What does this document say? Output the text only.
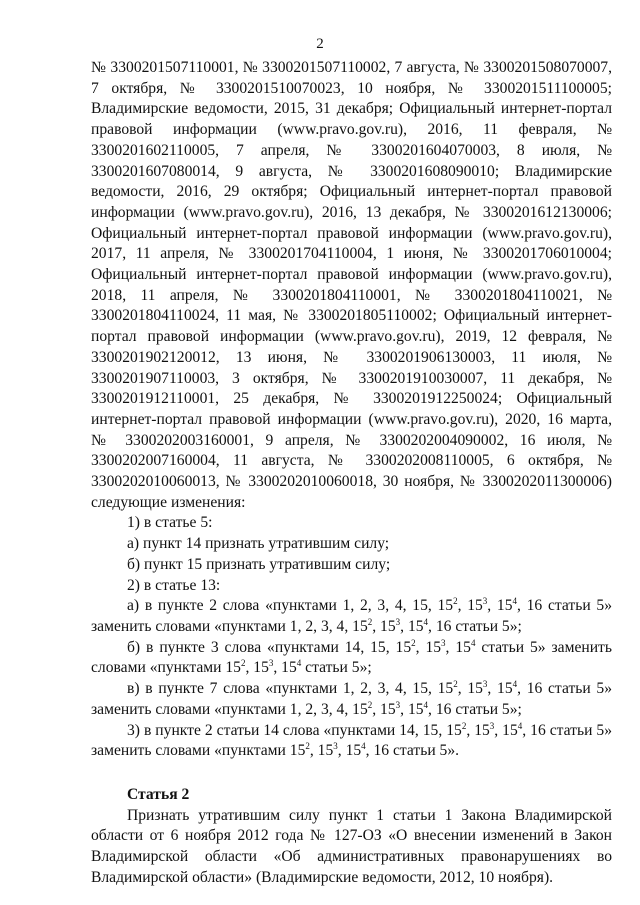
2

№ 3300201507110001, № 3300201507110002, 7 августа, № 3300201508070007, 7 октября, № 3300201510070023, 10 ноября, № 3300201511100005; Владимирские ведомости, 2015, 31 декабря; Официальный интернет-портал правовой информации (www.pravo.gov.ru), 2016, 11 февраля, № 3300201602110005, 7 апреля, № 3300201604070003, 8 июля, № 3300201607080014, 9 августа, № 3300201608090010; Владимирские ведомости, 2016, 29 октября; Официальный интернет-портал правовой информации (www.pravo.gov.ru), 2016, 13 декабря, № 3300201612130006; Официальный интернет-портал правовой информации (www.pravo.gov.ru), 2017, 11 апреля, № 3300201704110004, 1 июня, № 3300201706010004; Официальный интернет-портал правовой информации (www.pravo.gov.ru), 2018, 11 апреля, № 3300201804110001, № 3300201804110021, № 3300201804110024, 11 мая, № 3300201805110002; Официальный интернет-портал правовой информации (www.pravo.gov.ru), 2019, 12 февраля, № 3300201902120012, 13 июня, № 3300201906130003, 11 июля, № 3300201907110003, 3 октября, № 3300201910030007, 11 декабря, № 3300201912110001, 25 декабря, № 3300201912250024; Официальный интернет-портал правовой информации (www.pravo.gov.ru), 2020, 16 марта, № 3300202003160001, 9 апреля, № 3300202004090002, 16 июля, № 3300202007160004, 11 августа, № 3300202008110005, 6 октября, № 3300202010060013, № 3300202010060018, 30 ноября, № 3300202011300006) следующие изменения:

1) в статье 5:

а) пункт 14 признать утратившим силу;

б) пункт 15 признать утратившим силу;

2) в статье 13:

а) в пункте 2 слова «пунктами 1, 2, 3, 4, 15, $15^2$, $15^3$, $15^4$, 16 статьи 5» заменить словами «пунктами 1, 2, 3, 4, $15^2$, $15^3$, $15^4$, 16 статьи 5»;

б) в пункте 3 слова «пунктами 14, 15, $15^2$, $15^3$, $15^4$ статьи 5» заменить словами «пунктами $15^2$, $15^3$, $15^4$ статьи 5»;

в) в пункте 7 слова «пунктами 1, 2, 3, 4, 15, $15^2$, $15^3$, $15^4$, 16 статьи 5» заменить словами «пунктами 1, 2, 3, 4, $15^2$, $15^3$, $15^4$, 16 статьи 5»;

3) в пункте 2 статьи 14 слова «пунктами 14, 15, $15^2$, $15^3$, $15^4$, 16 статьи 5» заменить словами «пунктами $15^2$, $15^3$, $15^4$, 16 статьи 5».

Статья 2

Признать утратившим силу пункт 1 статьи 1 Закона Владимирской области от 6 ноября 2012 года № 127-ОЗ «О внесении изменений в Закон Владимирской области «Об административных правонарушениях во Владимирской области» (Владимирские ведомости, 2012, 10 ноября).
